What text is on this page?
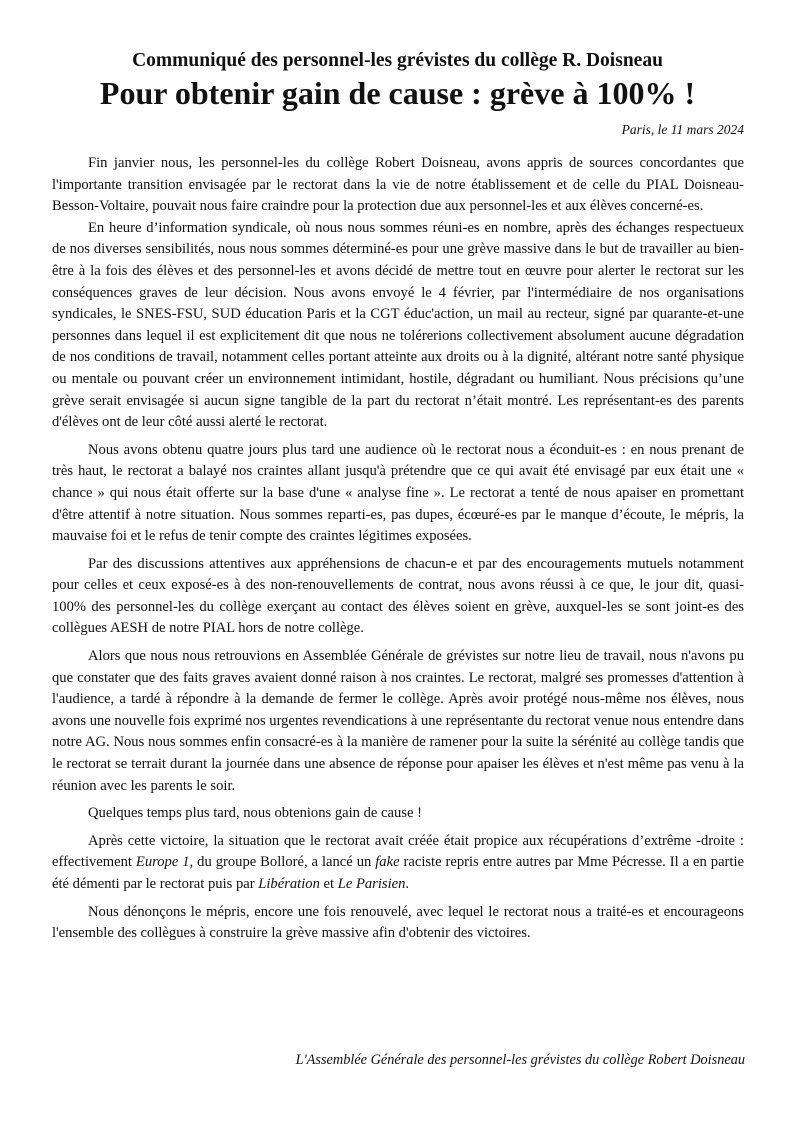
Communiqué des personnel-les grévistes du collège R. Doisneau
Pour obtenir gain de cause : grève à 100% !
Paris, le 11 mars 2024

Fin janvier nous, les personnel-les du collège Robert Doisneau, avons appris de sources concordantes que l'importante transition envisagée par le rectorat dans la vie de notre établissement et de celle du PIAL Doisneau-Besson-Voltaire, pouvait nous faire craindre pour la protection due aux personnel-les et aux élèves concerné-es.

En heure d’information syndicale, où nous nous sommes réuni-es en nombre, après des échanges respectueux de nos diverses sensibilités, nous nous sommes déterminé-es pour une grève massive dans le but de travailler au bien-être à la fois des élèves et des personnel-les et avons décidé de mettre tout en œuvre pour alerter le rectorat sur les conséquences graves de leur décision. Nous avons envoyé le 4 février, par l'intermédiaire de nos organisations syndicales, le SNES-FSU, SUD éducation Paris et la CGT éduc'action, un mail au recteur, signé par quarante-et-une personnes dans lequel il est explicitement dit que nous ne tolérerions collectivement absolument aucune dégradation de nos conditions de travail, notamment celles portant atteinte aux droits ou à la dignité, altérant notre santé physique ou mentale ou pouvant créer un environnement intimidant, hostile, dégradant ou humiliant. Nous précisions qu’une grève serait envisagée si aucun signe tangible de la part du rectorat n’était montré. Les représentant-es des parents d'élèves ont de leur côté aussi alerté le rectorat.

Nous avons obtenu quatre jours plus tard une audience où le rectorat nous a éconduit-es : en nous prenant de très haut, le rectorat a balayé nos craintes allant jusqu'à prétendre que ce qui avait été envisagé par eux était une « chance » qui nous était offerte sur la base d'une « analyse fine ». Le rectorat a tenté de nous apaiser en promettant d'être attentif à notre situation. Nous sommes reparti-es, pas dupes, écœuré-es par le manque d’écoute, le mépris, la mauvaise foi et le refus de tenir compte des craintes légitimes exposées.

Par des discussions attentives aux appréhensions de chacun-e et par des encouragements mutuels notamment pour celles et ceux exposé-es à des non-renouvellements de contrat, nous avons réussi à ce que, le jour dit, quasi-100% des personnel-les du collège exerçant au contact des élèves soient en grève, auxquel-les se sont joint-es des collègues AESH de notre PIAL hors de notre collège.

Alors que nous nous retrouvions en Assemblée Générale de grévistes sur notre lieu de travail, nous n'avons pu que constater que des faits graves avaient donné raison à nos craintes. Le rectorat, malgré ses promesses d'attention à l'audience, a tardé à répondre à la demande de fermer le collège. Après avoir protégé nous-même nos élèves, nous avons une nouvelle fois exprimé nos urgentes revendications à une représentante du rectorat venue nous entendre dans notre AG. Nous nous sommes enfin consacré-es à la manière de ramener pour la suite la sérénité au collège tandis que le rectorat se terrait durant la journée dans une absence de réponse pour apaiser les élèves et n'est même pas venu à la réunion avec les parents le soir.

Quelques temps plus tard, nous obtenions gain de cause !

Après cette victoire, la situation que le rectorat avait créée était propice aux récupérations d’extrême -droite : effectivement Europe 1, du groupe Bolloré, a lancé un fake raciste repris entre autres par Mme Pécresse. Il a en partie été démenti par le rectorat puis par Libération et Le Parisien.

Nous dénonçons le mépris, encore une fois renouvelé, avec lequel le rectorat nous a traité-es et encourageons l'ensemble des collègues à construire la grève massive afin d'obtenir des victoires.

L'Assemblée Générale des personnel-les grévistes du collège Robert Doisneau
